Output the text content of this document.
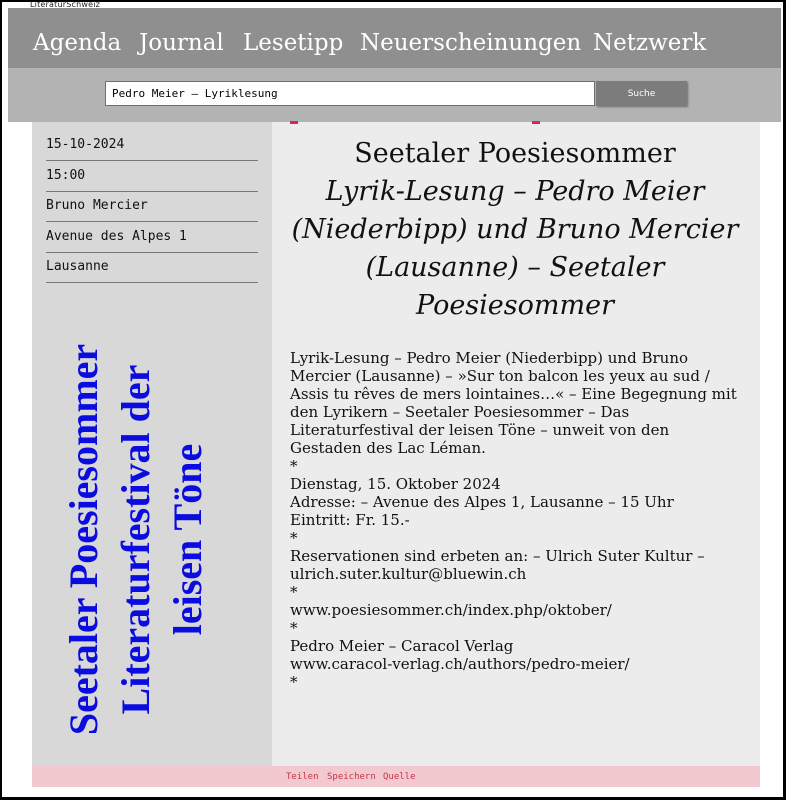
Agenda Journal Lesetipp Neuerscheinungen Netzwerk
LiteraturSchweiz
Pedro Meier — Lyriklesung
Suche
15-10-2024
15:00
Bruno Mercier
Avenue des Alpes 1
Lausanne
Seetaler Poesiesommer Literaturfestival der leisen Töne
Seetaler Poesiesommer
Lyrik-Lesung – Pedro Meier (Niederbipp) und Bruno Mercier (Lausanne) – Seetaler Poesiesommer

Lyrik-Lesung – Pedro Meier (Niederbipp) und Bruno Mercier (Lausanne) – »Sur ton balcon les yeux au sud / Assis tu rêves de mers lointaines…« – Eine Begegnung mit den Lyrikern – Seetaler Poesiesommer – Das Literaturfestival der leisen Töne – unweit von den Gestaden des Lac Léman.

*

Dienstag, 15. Oktober 2024

Adresse: – Avenue des Alpes 1, Lausanne – 15 Uhr

Eintritt: Fr. 15.-

*

Reservationen sind erbeten an: – Ulrich Suter Kultur – ulrich.suter.kultur@bluewin.ch

*

www.poesiesommer.ch/index.php/oktober/

*

Pedro Meier – Caracol Verlag

www.caracol-verlag.ch/authors/pedro-meier/

*

Teilen Speichern Quelle
